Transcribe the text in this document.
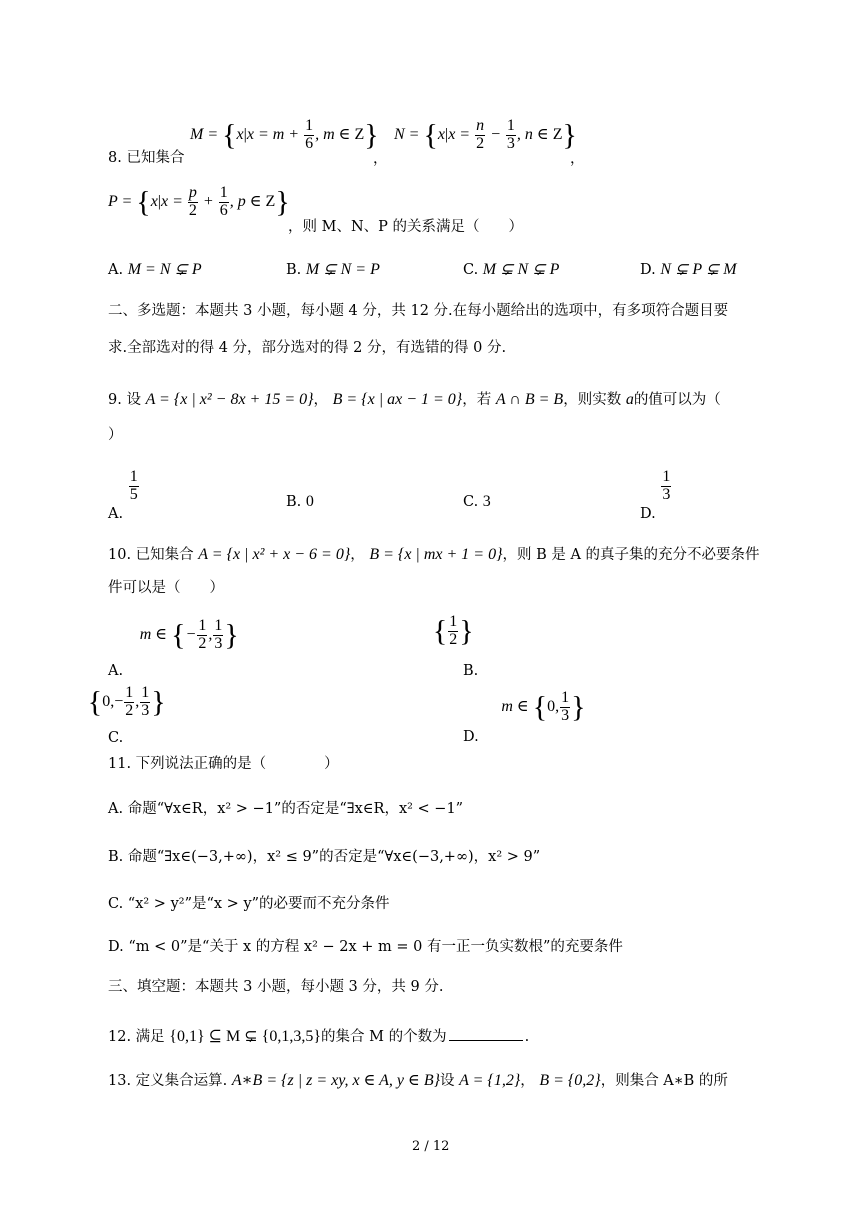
8. 已知集合
$M = \{x|x = m + \frac{1}{6}$ , m ∈ Z}
，
$N = \{x|x = \frac{n}{2} - \frac{1}{3}$ , n ∈ Z}
，
$P = \{x|x = \frac{p}{2} + \frac{1}{6}$ , p ∈ Z}
，则 M、N、P 的关系满足（　　）
A. M = N ⊊ P	B. M ⊊ N = P	C. M ⊊ N ⊊ P	D. N ⊊ P ⊊ M
二、多选题：本题共 3 小题，每小题 4 分，共 12 分.在每小题给出的选项中，有多项符合题目要
求.全部选对的得 4 分，部分选对的得 2 分，有选错的得 0 分.
9. 设 A = {x | x² − 8x + 15 = 0}， B = {x | ax − 1 = 0}，若 A ∩ B = B，则实数 a的值可以为（
）
A.
$\frac{1}{5}$	B. 0	C. 3
D.
$\frac{1}{3}$
10. 已知集合 A = {x | x² + x − 6 = 0}， B = {x | mx + 1 = 0}，则 B 是 A 的真子集的充分不必要条件
件可以是（　　）
A. m ∈ {− $\frac{1}{2}$ , $\frac{1}{3}$ }
B. { $\frac{1}{2}$ }
C. {$0,- \frac{1}{2}$ , $\frac{1}{3}$ }
D. m ∈ {0, $\frac{1}{3}$ }
11. 下列说法正确的是（　　　　）
A. 命题“∀x∈R，x² > −1”的否定是“∃x∈R，x² < −1”
B. 命题“∃x∈(−3,+∞)，x² ≤ 9”的否定是“∀x∈(−3,+∞)，x² > 9”
C. “x² > y²”是“x > y”的必要而不充分条件
D. “m < 0”是“关于 x 的方程 x² − 2x + m = 0 有一正一负实数根”的充要条件
三、填空题：本题共 3 小题，每小题 3 分，共 9 分.
12. 满足 {0,1} ⊆ M ⊊ {0,1,3,5}的集合 M 的个数为	.
13. 定义集合运算. A∗B = {z | z = xy, x ∈ A, y ∈ B}设 A = {1,2}， B = {0,2}，则集合 A∗B 的所
2 / 12
